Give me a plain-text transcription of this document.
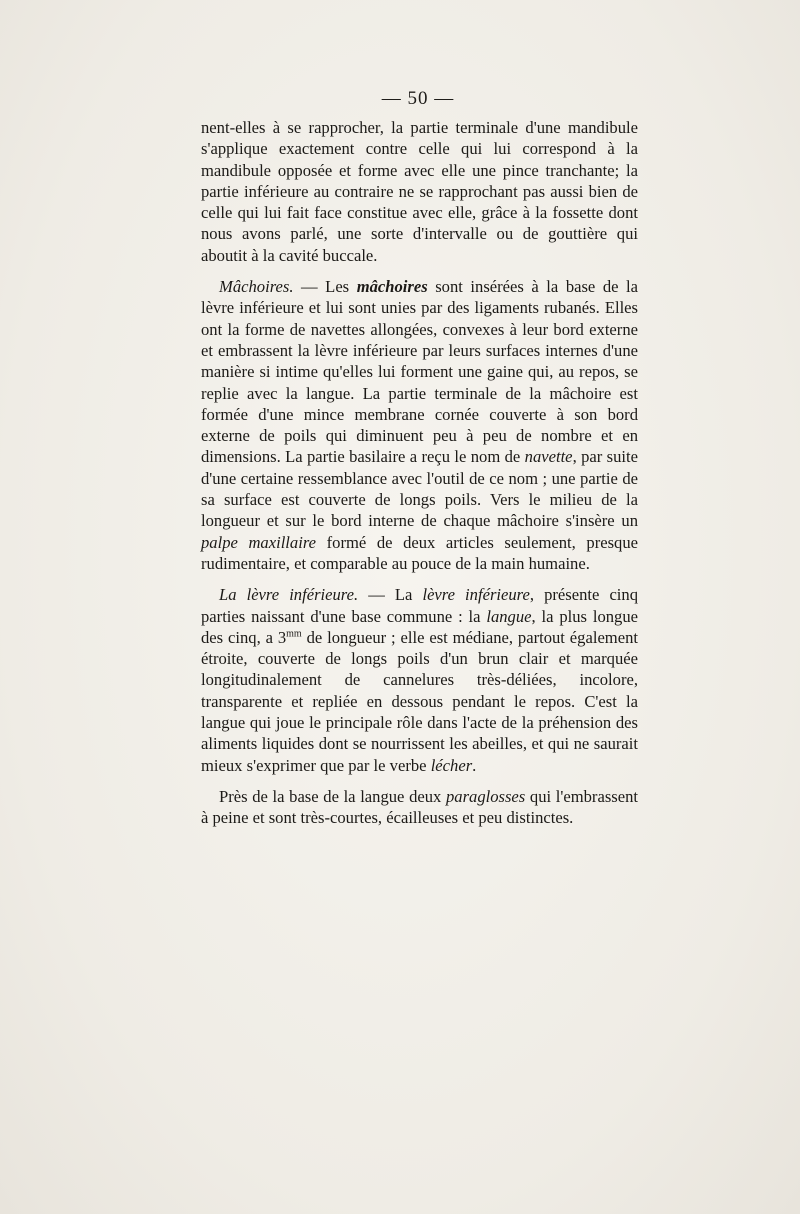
— 50 —

nent-elles à se rapprocher, la partie terminale d'une mandibule s'applique exactement contre celle qui lui correspond à la mandibule opposée et forme avec elle une pince tranchante; la partie inférieure au contraire ne se rapprochant pas aussi bien de celle qui lui fait face constitue avec elle, grâce à la fossette dont nous avons parlé, une sorte d'intervalle ou de gouttière qui aboutit à la cavité buccale.

Mâchoires. — Les mâchoires sont insérées à la base de la lèvre inférieure et lui sont unies par des ligaments rubanés. Elles ont la forme de navettes allongées, convexes à leur bord externe et embrassent la lèvre inférieure par leurs surfaces internes d'une manière si intime qu'elles lui forment une gaine qui, au repos, se replie avec la langue. La partie terminale de la mâchoire est formée d'une mince membrane cornée couverte à son bord externe de poils qui diminuent peu à peu de nombre et en dimensions. La partie basilaire a reçu le nom de navette, par suite d'une certaine ressemblance avec l'outil de ce nom ; une partie de sa surface est couverte de longs poils. Vers le milieu de la longueur et sur le bord interne de chaque mâchoire s'insère un palpe maxillaire formé de deux articles seulement, presque rudimentaire, et comparable au pouce de la main humaine.

La lèvre inférieure. — La lèvre inférieure, présente cinq parties naissant d'une base commune : la langue, la plus longue des cinq, a $3^{mm}$ de longueur ; elle est médiane, partout également étroite, couverte de longs poils d'un brun clair et marquée longitudinalement de cannelures très-déliées, incolore, transparente et repliée en dessous pendant le repos. C'est la langue qui joue le principale rôle dans l'acte de la préhension des aliments liquides dont se nourrissent les abeilles, et qui ne saurait mieux s'exprimer que par le verbe lécher.

Près de la base de la langue deux paraglosses qui l'embrassent à peine et sont très-courtes, écailleuses et peu distinctes.
